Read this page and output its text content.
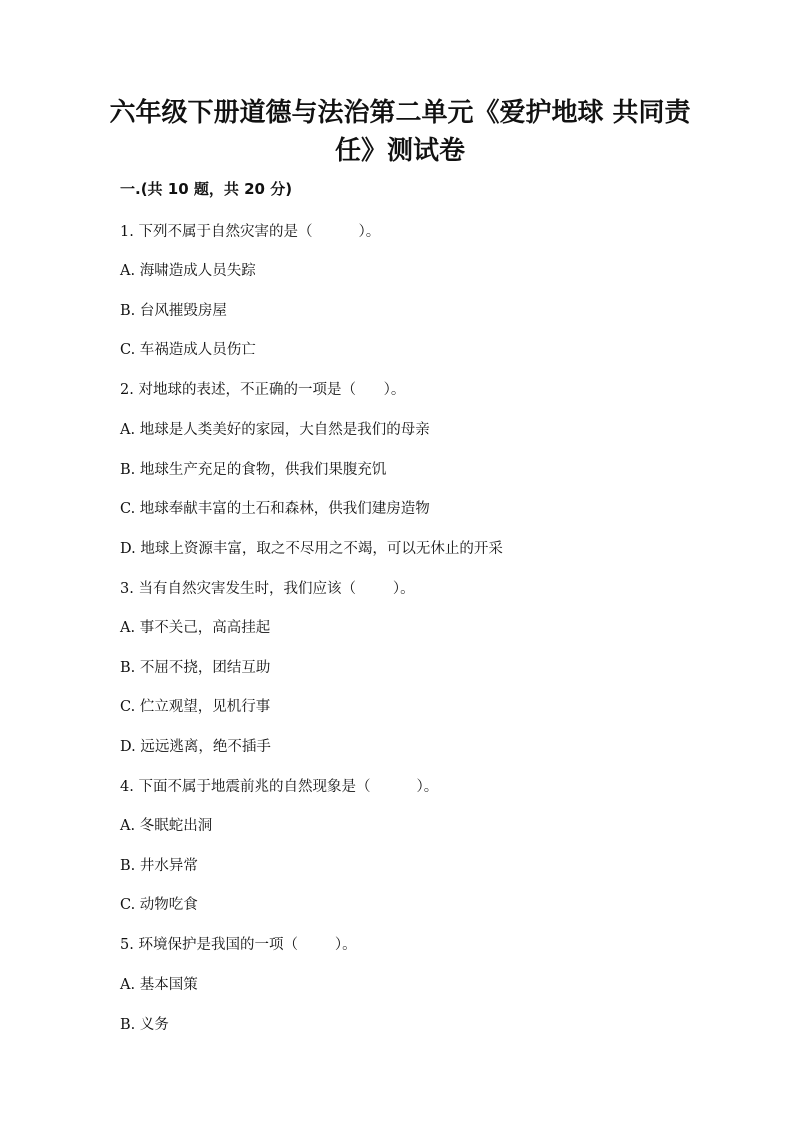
六年级下册道德与法治第二单元《爱护地球 共同责
任》测试卷
一.(共 10 题，共 20 分)
1. 下列不属于自然灾害的是（          ）。
A. 海啸造成人员失踪
B. 台风摧毁房屋
C. 车祸造成人员伤亡
2. 对地球的表述，不正确的一项是（      ）。
A. 地球是人类美好的家园，大自然是我们的母亲
B. 地球生产充足的食物，供我们果腹充饥
C. 地球奉献丰富的土石和森林，供我们建房造物
D. 地球上资源丰富，取之不尽用之不竭，可以无休止的开采
3. 当有自然灾害发生时，我们应该（        ）。
A. 事不关己，高高挂起
B. 不屈不挠，团结互助
C. 伫立观望，见机行事
D. 远远逃离，绝不插手
4. 下面不属于地震前兆的自然现象是（          ）。
A. 冬眠蛇出洞
B. 井水异常
C. 动物吃食
5. 环境保护是我国的一项（        ）。
A. 基本国策
B. 义务
